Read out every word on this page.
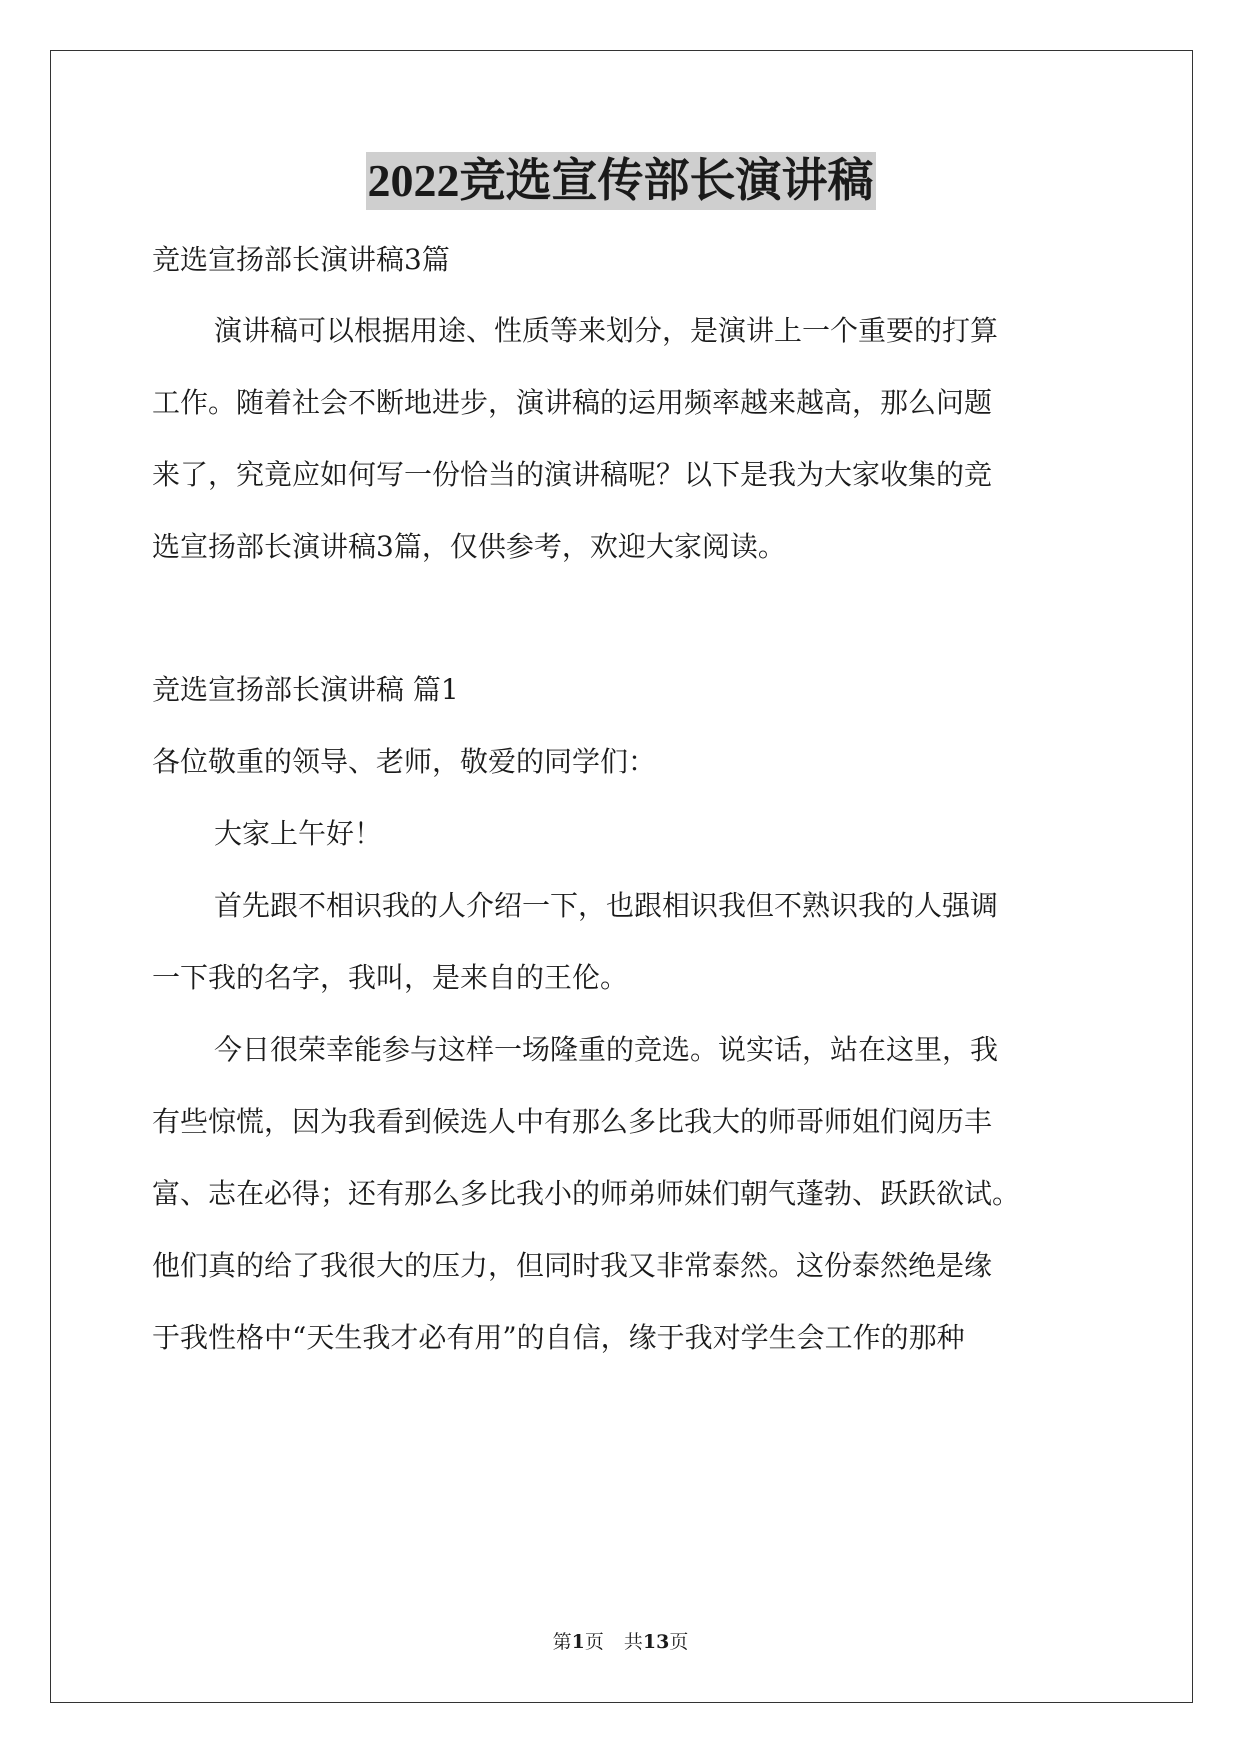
2022竞选宣传部长演讲稿
竞选宣扬部长演讲稿3篇
演讲稿可以根据用途、性质等来划分，是演讲上一个重要的打算
工作。随着社会不断地进步，演讲稿的运用频率越来越高，那么问题
来了，究竟应如何写一份恰当的演讲稿呢？以下是我为大家收集的竞
选宣扬部长演讲稿3篇，仅供参考，欢迎大家阅读。
竞选宣扬部长演讲稿 篇1
各位敬重的领导、老师，敬爱的同学们：
大家上午好！
首先跟不相识我的人介绍一下，也跟相识我但不熟识我的人强调
一下我的名字，我叫，是来自的王伦。
今日很荣幸能参与这样一场隆重的竞选。说实话，站在这里，我
有些惊慌，因为我看到候选人中有那么多比我大的师哥师姐们阅历丰
富、志在必得；还有那么多比我小的师弟师妹们朝气蓬勃、跃跃欲试。
他们真的给了我很大的压力，但同时我又非常泰然。这份泰然绝是缘
于我性格中“天生我才必有用”的自信，缘于我对学生会工作的那种
第1页 共13页
